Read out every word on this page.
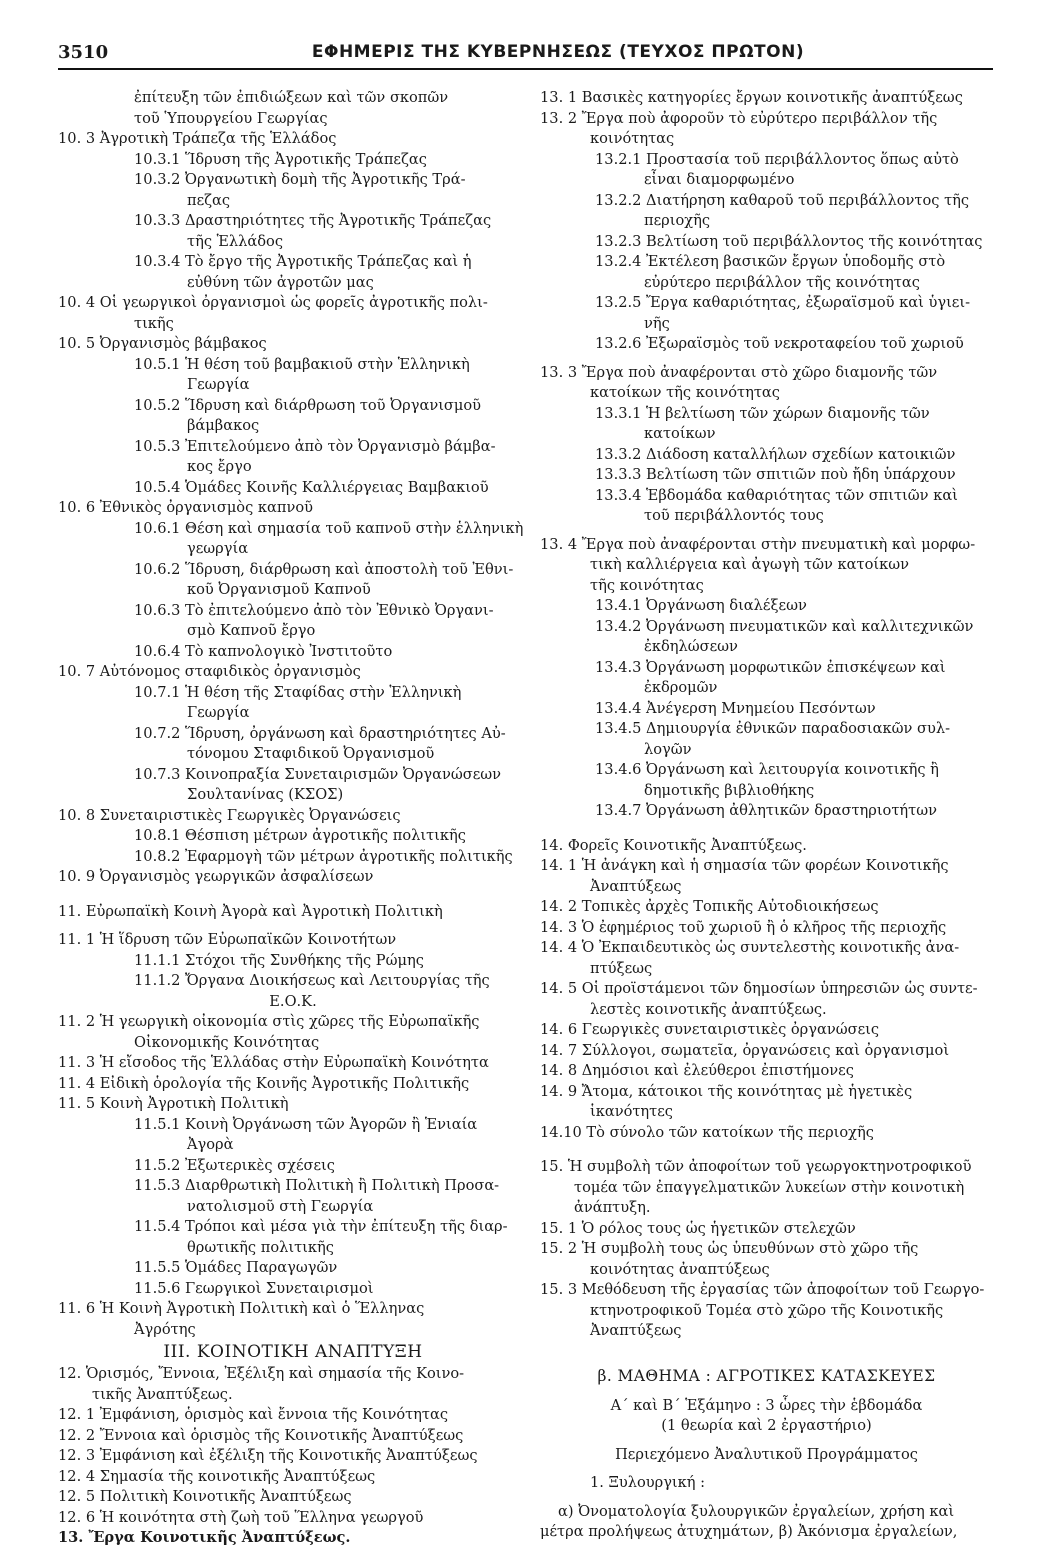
3510	ΕΦΗΜΕΡΙΣ ΤΗΣ ΚΥΒΕΡΝΗΣΕΩΣ (ΤΕΥΧΟΣ ΠΡΩΤΟΝ)
ἐπίτευξη τῶν ἐπιδιώξεων καὶ τῶν σκοπῶν
τοῦ Ὑπουργείου Γεωργίας
10. 3 Ἀγροτικὴ Τράπεζα τῆς Ἑλλάδος
10.3.1 Ἵδρυση τῆς Ἀγροτικῆς Τράπεζας
10.3.2 Ὀργανωτικὴ δομὴ τῆς Ἀγροτικῆς Τρά-
πεζας
10.3.3 Δραστηριότητες τῆς Ἀγροτικῆς Τράπεζας
τῆς Ἑλλάδος
10.3.4 Τὸ ἔργο τῆς Ἀγροτικῆς Τράπεζας καὶ ἡ
εὐθύνη τῶν ἀγροτῶν μας
10. 4 Οἱ γεωργικοὶ ὀργανισμοὶ ὡς φορεῖς ἀγροτικῆς πολι-
τικῆς
10. 5 Ὀργανισμὸς βάμβακος
10.5.1 Ἡ θέση τοῦ βαμβακιοῦ στὴν Ἑλληνικὴ
Γεωργία
10.5.2 Ἵδρυση καὶ διάρθρωση τοῦ Ὀργανισμοῦ
βάμβακος
10.5.3 Ἐπιτελούμενο ἀπὸ τὸν Ὀργανισμὸ βάμβα-
κος ἔργο
10.5.4 Ὁμάδες Κοινῆς Καλλιέργειας Βαμβακιοῦ
10. 6 Ἐθνικὸς ὀργανισμὸς καπνοῦ
10.6.1 Θέση καὶ σημασία τοῦ καπνοῦ στὴν ἑλληνικὴ
γεωργία
10.6.2 Ἵδρυση, διάρθρωση καὶ ἀποστολὴ τοῦ Ἐθνι-
κοῦ Ὀργανισμοῦ Καπνοῦ
10.6.3 Τὸ ἐπιτελούμενο ἀπὸ τὸν Ἐθνικὸ Ὀργανι-
σμὸ Καπνοῦ ἔργο
10.6.4 Τὸ καπνολογικὸ Ἰνστιτοῦτο
10. 7 Αὐτόνομος σταφιδικὸς ὀργανισμὸς
10.7.1 Ἡ θέση τῆς Σταφίδας στὴν Ἑλληνικὴ
Γεωργία
10.7.2 Ἵδρυση, ὀργάνωση καὶ δραστηριότητες Αὐ-
τόνομου Σταφιδικοῦ Ὀργανισμοῦ
10.7.3 Κοινοπραξία Συνεταιρισμῶν Ὀργανώσεων
Σουλτανίνας (ΚΣΟΣ)
10. 8 Συνεταιριστικὲς Γεωργικὲς Ὀργανώσεις
10.8.1 Θέσπιση μέτρων ἀγροτικῆς πολιτικῆς
10.8.2 Ἐφαρμογὴ τῶν μέτρων ἀγροτικῆς πολιτικῆς
10. 9 Ὀργανισμὸς γεωργικῶν ἀσφαλίσεων
11. Εὐρωπαϊκὴ Κοινὴ Ἀγορὰ καὶ Ἀγροτικὴ Πολιτικὴ
11. 1 Ἡ ἵδρυση τῶν Εὐρωπαϊκῶν Κοινοτήτων
11.1.1 Στόχοι τῆς Συνθήκης τῆς Ρώμης
11.1.2 Ὄργανα Διοικήσεως καὶ Λειτουργίας τῆς
Ε.Ο.Κ.
11. 2 Ἡ γεωργικὴ οἰκονομία στὶς χῶρες τῆς Εὐρωπαϊκῆς
Οἰκονομικῆς Κοινότητας
11. 3 Ἡ εἴσοδος τῆς Ἑλλάδας στὴν Εὐρωπαϊκὴ Κοινότητα
11. 4 Εἰδικὴ ὁρολογία τῆς Κοινῆς Ἀγροτικῆς Πολιτικῆς
11. 5 Κοινὴ Ἀγροτικὴ Πολιτικὴ
11.5.1 Κοινὴ Ὀργάνωση τῶν Ἀγορῶν ἢ Ἑνιαία
Ἀγορὰ
11.5.2 Ἐξωτερικὲς σχέσεις
11.5.3 Διαρθρωτικὴ Πολιτικὴ ἢ Πολιτικὴ Προσα-
νατολισμοῦ στὴ Γεωργία
11.5.4 Τρόποι καὶ μέσα γιὰ τὴν ἐπίτευξη τῆς διαρ-
θρωτικῆς πολιτικῆς
11.5.5 Ὁμάδες Παραγωγῶν
11.5.6 Γεωργικοὶ Συνεταιρισμοὶ
11. 6 Ἡ Κοινὴ Ἀγροτικὴ Πολιτικὴ καὶ ὁ Ἕλληνας
Ἀγρότης
III. ΚΟΙΝΟΤΙΚΗ ΑΝΑΠΤΥΞΗ
12. Ὁρισμός, Ἔννοια, Ἐξέλιξη καὶ σημασία τῆς Κοινο-
τικῆς Ἀναπτύξεως.
12. 1 Ἐμφάνιση, ὁρισμὸς καὶ ἔννοια τῆς Κοινότητας
12. 2 Ἔννοια καὶ ὁρισμὸς τῆς Κοινοτικῆς Ἀναπτύξεως
12. 3 Ἐμφάνιση καὶ ἐξέλιξη τῆς Κοινοτικῆς Ἀναπτύξεως
12. 4 Σημασία τῆς κοινοτικῆς Ἀναπτύξεως
12. 5 Πολιτικὴ Κοινοτικῆς Ἀναπτύξεως
12. 6 Ἡ κοινότητα στὴ ζωὴ τοῦ Ἕλληνα γεωργοῦ
13. Ἔργα Κοινοτικῆς Ἀναπτύξεως.
13. 1 Βασικὲς κατηγορίες ἔργων κοινοτικῆς ἀναπτύξεως
13. 2 Ἔργα ποὺ ἀφοροῦν τὸ εὐρύτερο περιβάλλον τῆς
κοινότητας
13.2.1 Προστασία τοῦ περιβάλλοντος ὅπως αὐτὸ
εἶναι διαμορφωμένο
13.2.2 Διατήρηση καθαροῦ τοῦ περιβάλλοντος τῆς
περιοχῆς
13.2.3 Βελτίωση τοῦ περιβάλλοντος τῆς κοινότητας
13.2.4 Ἐκτέλεση βασικῶν ἔργων ὑποδομῆς στὸ
εὐρύτερο περιβάλλον τῆς κοινότητας
13.2.5 Ἔργα καθαριότητας, ἐξωραϊσμοῦ καὶ ὑγιει-
νῆς
13.2.6 Ἐξωραϊσμὸς τοῦ νεκροταφείου τοῦ χωριοῦ
13. 3 Ἔργα ποὺ ἀναφέρονται στὸ χῶρο διαμονῆς τῶν
κατοίκων τῆς κοινότητας
13.3.1 Ἡ βελτίωση τῶν χώρων διαμονῆς τῶν
κατοίκων
13.3.2 Διάδοση καταλλήλων σχεδίων κατοικιῶν
13.3.3 Βελτίωση τῶν σπιτιῶν ποὺ ἤδη ὑπάρχουν
13.3.4 Ἑβδομάδα καθαριότητας τῶν σπιτιῶν καὶ
τοῦ περιβάλλοντός τους
13. 4 Ἔργα ποὺ ἀναφέρονται στὴν πνευματικὴ καὶ μορφω-
τικὴ καλλιέργεια καὶ ἀγωγὴ τῶν κατοίκων
τῆς κοινότητας
13.4.1 Ὀργάνωση διαλέξεων
13.4.2 Ὀργάνωση πνευματικῶν καὶ καλλιτεχνικῶν
ἐκδηλώσεων
13.4.3 Ὀργάνωση μορφωτικῶν ἐπισκέψεων καὶ
ἐκδρομῶν
13.4.4 Ἀνέγερση Μνημείου Πεσόντων
13.4.5 Δημιουργία ἐθνικῶν παραδοσιακῶν συλ-
λογῶν
13.4.6 Ὀργάνωση καὶ λειτουργία κοινοτικῆς ἢ
δημοτικῆς βιβλιοθήκης
13.4.7 Ὀργάνωση ἀθλητικῶν δραστηριοτήτων
14. Φορεῖς Κοινοτικῆς Ἀναπτύξεως.
14. 1 Ἡ ἀνάγκη καὶ ἡ σημασία τῶν φορέων Κοινοτικῆς
Ἀναπτύξεως
14. 2 Τοπικὲς ἀρχὲς Τοπικῆς Αὐτοδιοικήσεως
14. 3 Ὁ ἐφημέριος τοῦ χωριοῦ ἢ ὁ κλῆρος τῆς περιοχῆς
14. 4 Ὁ Ἐκπαιδευτικὸς ὡς συντελεστὴς κοινοτικῆς ἀνα-
πτύξεως
14. 5 Οἱ προϊστάμενοι τῶν δημοσίων ὑπηρεσιῶν ὡς συντε-
λεστὲς κοινοτικῆς ἀναπτύξεως.
14. 6 Γεωργικὲς συνεταιριστικὲς ὀργανώσεις
14. 7 Σύλλογοι, σωματεῖα, ὀργανώσεις καὶ ὀργανισμοὶ
14. 8 Δημόσιοι καὶ ἐλεύθεροι ἐπιστήμονες
14. 9 Ἄτομα, κάτοικοι τῆς κοινότητας μὲ ἡγετικὲς
ἱκανότητες
14.10 Τὸ σύνολο τῶν κατοίκων τῆς περιοχῆς
15. Ἡ συμβολὴ τῶν ἀποφοίτων τοῦ γεωργοκτηνοτροφικοῦ
τομέα τῶν ἐπαγγελματικῶν λυκείων στὴν κοινοτικὴ
ἀνάπτυξη.
15. 1 Ὁ ρόλος τους ὡς ἡγετικῶν στελεχῶν
15. 2 Ἡ συμβολὴ τους ὡς ὑπευθύνων στὸ χῶρο τῆς
κοινότητας ἀναπτύξεως
15. 3 Μεθόδευση τῆς ἐργασίας τῶν ἀποφοίτων τοῦ Γεωργο-
κτηνοτροφικοῦ Τομέα στὸ χῶρο τῆς Κοινοτικῆς
Ἀναπτύξεως
β. ΜΑΘΗΜΑ : ΑΓΡΟΤΙΚΕΣ ΚΑΤΑΣΚΕΥΕΣ
Α΄ καὶ Β΄ Ἑξάμηνο : 3 ὧρες τὴν ἑβδομάδα
(1 θεωρία καὶ 2 ἐργαστήριο)
Περιεχόμενο Ἀναλυτικοῦ Προγράμματος
1. Ξυλουργική :
α) Ὀνοματολογία ξυλουργικῶν ἐργαλείων, χρήση καὶ
μέτρα προλήψεως ἀτυχημάτων, β) Ἀκόνισμα ἐργαλείων,
